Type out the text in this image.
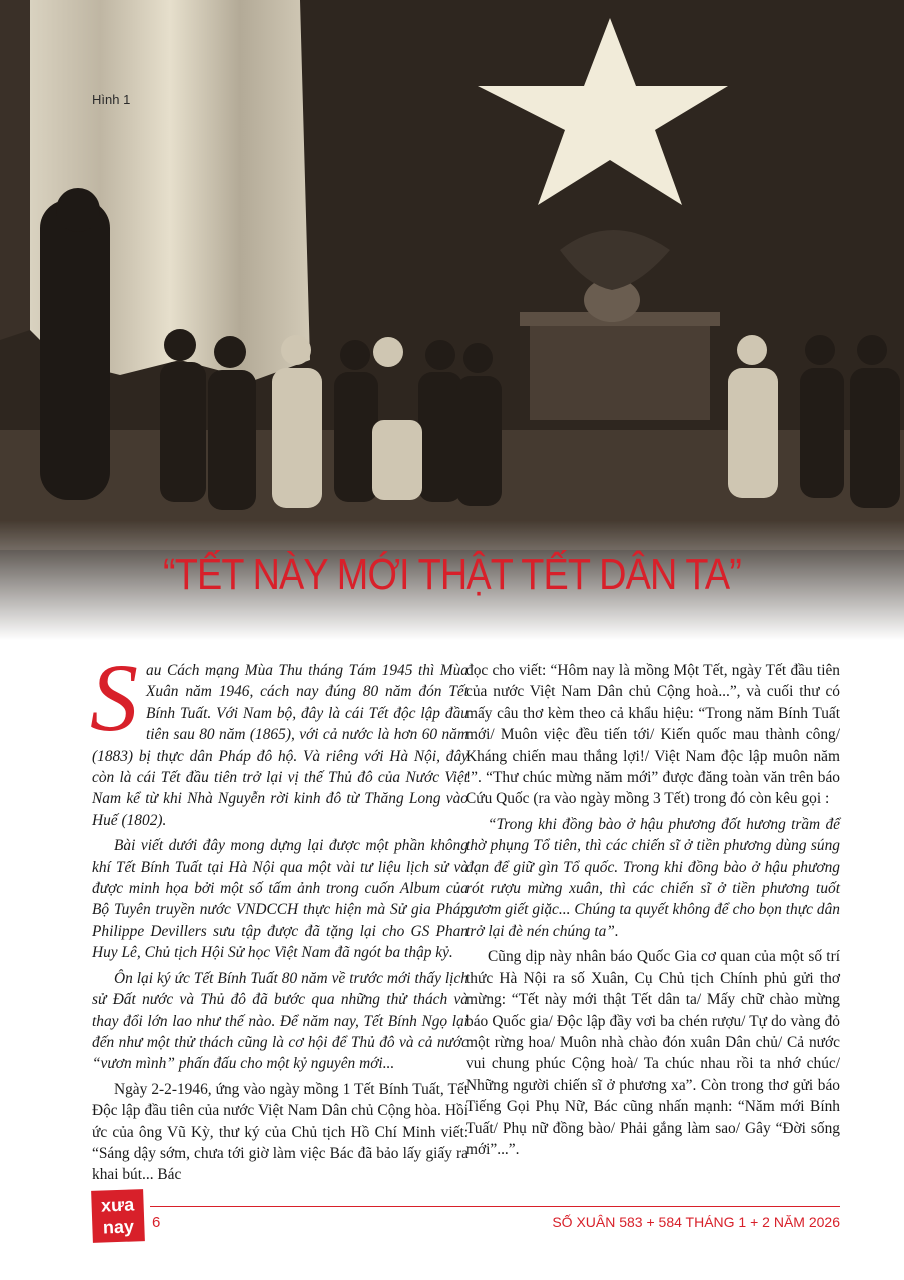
Hình 1
“TẾT NÀY MỚI THẬT TẾT DÂN TA”

Sau Cách mạng Mùa Thu tháng Tám 1945 thì Mùa Xuân năm 1946, cách nay đúng 80 năm đón Tết Bính Tuất. Với Nam bộ, đây là cái Tết độc lập đầu tiên sau 80 năm (1865), với cả nước là hơn 60 năm (1883) bị thực dân Pháp đô hộ. Và riêng với Hà Nội, đây còn là cái Tết đầu tiên trở lại vị thế Thủ đô của Nước Việt Nam kể từ khi Nhà Nguyễn rời kinh đô từ Thăng Long vào Huế (1802).

Bài viết dưới đây mong dựng lại được một phần không khí Tết Bính Tuất tại Hà Nội qua một vài tư liệu lịch sử và được minh họa bởi một số tấm ảnh trong cuốn Album của Bộ Tuyên truyền nước VNDCCH thực hiện mà Sử gia Pháp Philippe Devillers sưu tập được đã tặng lại cho GS Phan Huy Lê, Chủ tịch Hội Sử học Việt Nam đã ngót ba thập kỷ.

Ôn lại ký ức Tết Bính Tuất 80 năm về trước mới thấy lịch sử Đất nước và Thủ đô đã bước qua những thử thách và thay đổi lớn lao như thế nào. Để năm nay, Tết Bính Ngọ lại đến như một thử thách cũng là cơ hội để Thủ đô và cả nước “vươn mình” phấn đấu cho một kỷ nguyên mới...

Ngày 2-2-1946, ứng vào ngày mồng 1 Tết Bính Tuất, Tết Độc lập đầu tiên của nước Việt Nam Dân chủ Cộng hòa. Hồi ức của ông Vũ Kỳ, thư ký của Chủ tịch Hồ Chí Minh viết: “Sáng dậy sớm, chưa tới giờ làm việc Bác đã bảo lấy giấy ra khai bút... Bác

đọc cho viết: “Hôm nay là mồng Một Tết, ngày Tết đầu tiên của nước Việt Nam Dân chủ Cộng hoà...”, và cuối thư có mấy câu thơ kèm theo cả khẩu hiệu: “Trong năm Bính Tuất mới/ Muôn việc đều tiến tới/ Kiến quốc mau thành công/ Kháng chiến mau thắng lợi!/ Việt Nam độc lập muôn năm !”. “Thư chúc mừng năm mới” được đăng toàn văn trên báo Cứu Quốc (ra vào ngày mồng 3 Tết) trong đó còn kêu gọi :

“Trong khi đồng bào ở hậu phương đốt hương trầm để thờ phụng Tổ tiên, thì các chiến sĩ ở tiền phương dùng súng đạn để giữ gìn Tổ quốc. Trong khi đồng bào ở hậu phương rót rượu mừng xuân, thì các chiến sĩ ở tiền phương tuốt gươm giết giặc... Chúng ta quyết không để cho bọn thực dân trở lại đè nén chúng ta”.

Cũng dịp này nhân báo Quốc Gia cơ quan của một số trí thức Hà Nội ra số Xuân, Cụ Chủ tịch Chính phủ gửi thơ mừng: “Tết này mới thật Tết dân ta/ Mấy chữ chào mừng báo Quốc gia/ Độc lập đầy vơi ba chén rượu/ Tự do vàng đỏ một rừng hoa/ Muôn nhà chào đón xuân Dân chủ/ Cả nước vui chung phúc Cộng hoà/ Ta chúc nhau rồi ta nhớ chúc/ Những người chiến sĩ ở phương xa”. Còn trong thơ gửi báo Tiếng Gọi Phụ Nữ, Bác cũng nhấn mạnh: “Năm mới Bính Tuất/ Phụ nữ đồng bào/ Phải gắng làm sao/ Gây “Đời sống mới”...”.

xưa
nay	6	SỐ XUÂN 583 + 584 THÁNG 1 + 2 NĂM 2026
